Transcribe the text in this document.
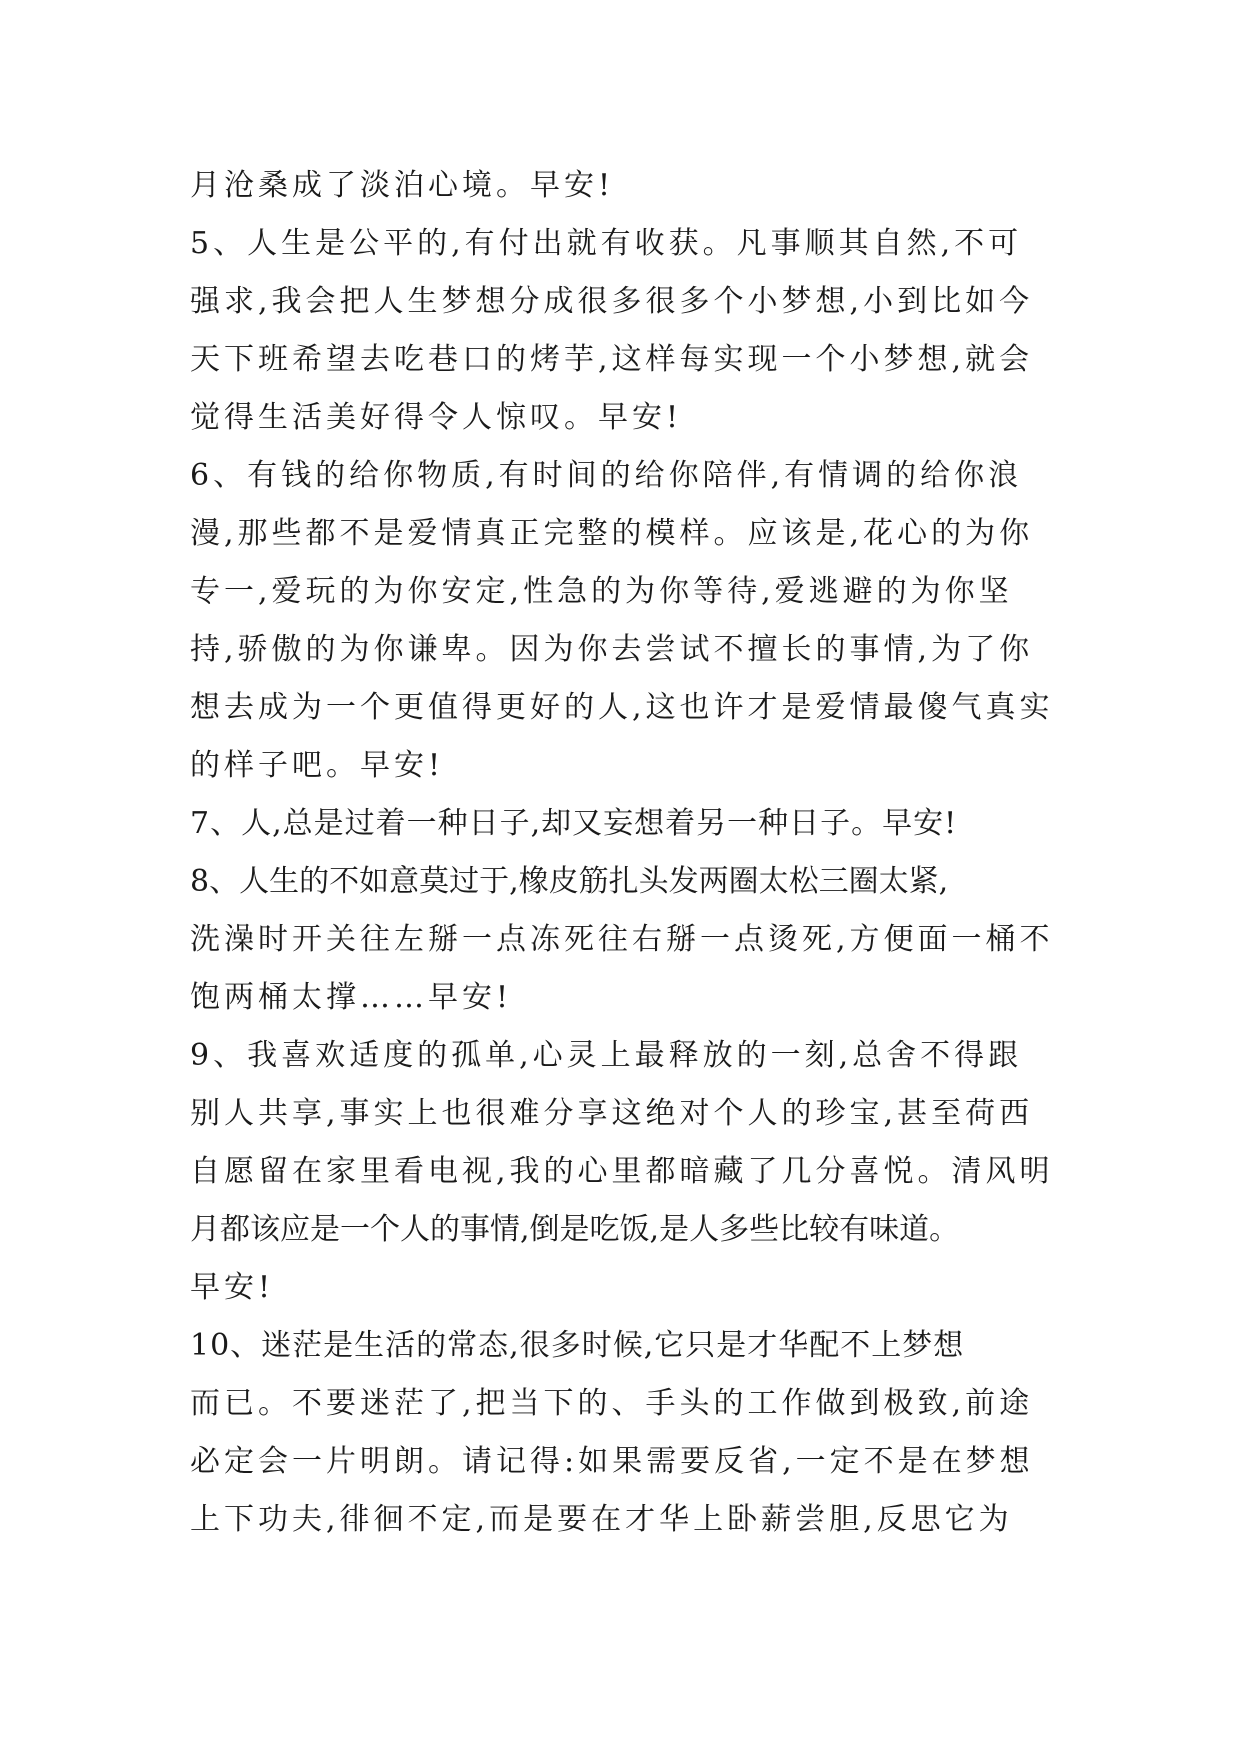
月沧桑成了淡泊心境。早安!
5、人生是公平的,有付出就有收获。凡事顺其自然,不可
强求,我会把人生梦想分成很多很多个小梦想,小到比如今
天下班希望去吃巷口的烤芋,这样每实现一个小梦想,就会
觉得生活美好得令人惊叹。早安!
6、有钱的给你物质,有时间的给你陪伴,有情调的给你浪
漫,那些都不是爱情真正完整的模样。应该是,花心的为你
专一,爱玩的为你安定,性急的为你等待,爱逃避的为你坚
持,骄傲的为你谦卑。因为你去尝试不擅长的事情,为了你
想去成为一个更值得更好的人,这也许才是爱情最傻气真实
的样子吧。早安!
7、人,总是过着一种日子,却又妄想着另一种日子。早安!
8、人生的不如意莫过于,橡皮筋扎头发两圈太松三圈太紧,
洗澡时开关往左掰一点冻死往右掰一点烫死,方便面一桶不
饱两桶太撑……早安!
9、我喜欢适度的孤单,心灵上最释放的一刻,总舍不得跟
别人共享,事实上也很难分享这绝对个人的珍宝,甚至荷西
自愿留在家里看电视,我的心里都暗藏了几分喜悦。清风明
月都该应是一个人的事情,倒是吃饭,是人多些比较有味道。
早安!
10、迷茫是生活的常态,很多时候,它只是才华配不上梦想
而已。不要迷茫了,把当下的、手头的工作做到极致,前途
必定会一片明朗。请记得:如果需要反省,一定不是在梦想
上下功夫,徘徊不定,而是要在才华上卧薪尝胆,反思它为
